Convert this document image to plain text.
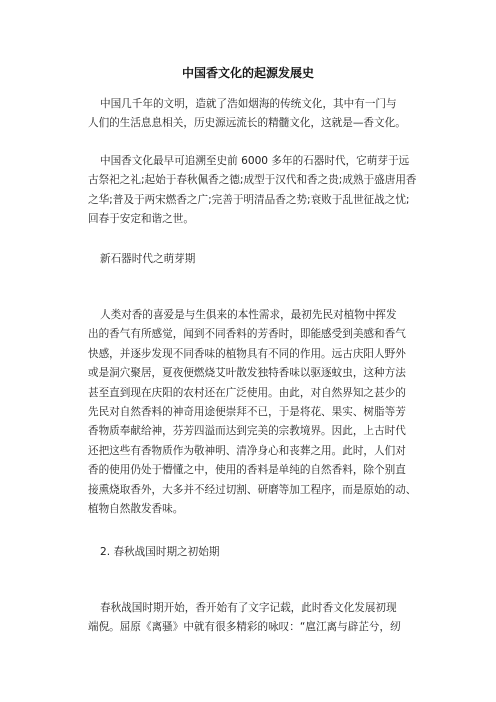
中国香文化的起源发展史

中国几千年的文明，造就了浩如烟海的传统文化，其中有一门与
人们的生活息息相关，历史源远流长的精髓文化，这就是—香文化。

中国香文化最早可追溯至史前 6000 多年的石器时代，它萌芽于远
古祭祀之礼;起始于春秋佩香之德;成型于汉代和香之贵;成熟于盛唐用香
之华;普及于两宋燃香之广;完善于明清品香之势;衰败于乱世征战之忧;
回春于安定和谐之世。

新石器时代之萌芽期

人类对香的喜爱是与生俱来的本性需求，最初先民对植物中挥发
出的香气有所感觉，闻到不同香料的芳香时，即能感受到美感和香气
快感，并逐步发现不同香味的植物具有不同的作用。远古庆阳人野外
或是洞穴聚居，夏夜便燃烧艾叶散发独特香味以驱逐蚊虫，这种方法
甚至直到现在庆阳的农村还在广泛使用。由此，对自然界知之甚少的
先民对自然香料的神奇用途便崇拜不已，于是将花、果实、树脂等芳
香物质奉献给神，芬芳四溢而达到完美的宗教境界。因此，上古时代
还把这些有香物质作为敬神明、清净身心和丧葬之用。此时，人们对
香的使用仍处于懵懂之中，使用的香料是单纯的自然香料，除个别直
接熏烧取香外，大多并不经过切割、研磨等加工程序，而是原始的动、
植物自然散发香味。

2. 春秋战国时期之初始期

春秋战国时期开始，香开始有了文字记载，此时香文化发展初现
端倪。屈原《离骚》中就有很多精彩的咏叹：“扈江离与辟芷兮，纫
